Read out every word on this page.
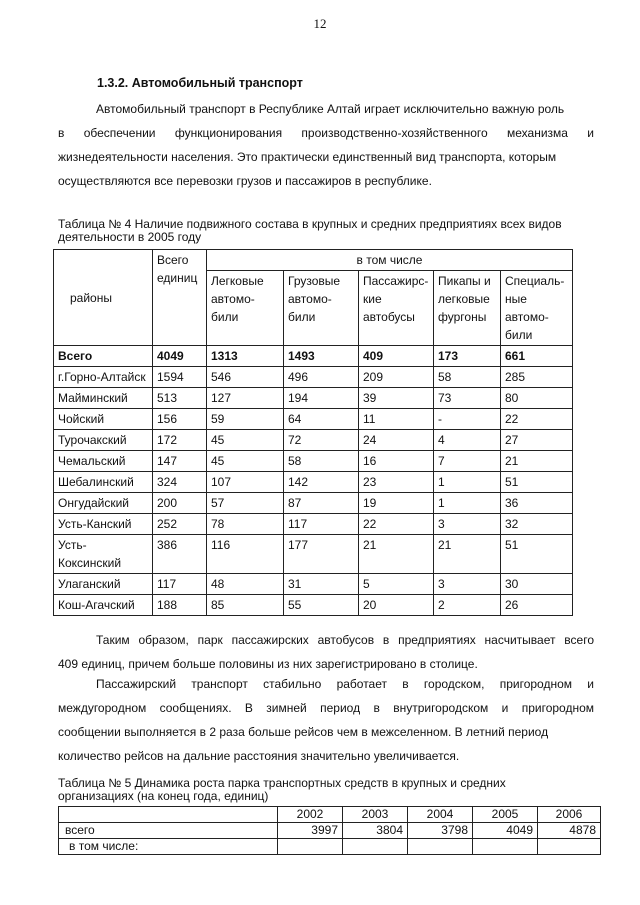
12
1.3.2. Автомобильный транспорт
Автомобильный транспорт в Республике Алтай играет исключительно важную роль
в обеспечении функционирования производственно-хозяйственного механизма и
жизнедеятельности населения. Это практически единственный вид транспорта, которым
осуществляются все перевозки грузов и пассажиров в республике.
Таблица № 4 Наличие подвижного состава в крупных и средних предприятиях всех видов
деятельности в 2005 году
районы	Всего единиц	в том числе				
		Легковые автомо- били	Грузовые автомо- били	Пассажирс- кие автобусы	Пикапы и легковые фургоны	Специаль- ные автомо- били
Всего	4049	1313	1493	409	173	661
г.Горно-Алтайск	1594	546	496	209	58	285
Майминский	513	127	194	39	73	80
Чойский	156	59	64	11	-	22
Турочакский	172	45	72	24	4	27
Чемальский	147	45	58	16	7	21
Шебалинский	324	107	142	23	1	51
Онгудайский	200	57	87	19	1	36
Усть-Канский	252	78	117	22	3	32
Усть-Коксинский	386	116	177	21	21	51
Улаганский	117	48	31	5	3	30
Кош-Агачский	188	85	55	20	2	26
Таким образом, парк пассажирских автобусов в предприятиях насчитывает всего
409 единиц, причем больше половины из них зарегистрировано в столице.
Пассажирский транспорт стабильно работает в городском, пригородном и
междугородном сообщениях. В зимней период в внутригородском и пригородном
сообщении выполняется в 2 раза больше рейсов чем в межселенном. В летний период
количество рейсов на дальние расстояния значительно увеличивается.
Таблица № 5 Динамика роста парка транспортных средств в крупных и средних
организациях (на конец года, единиц)
	2002	2003	2004	2005	2006
всего	3997	3804	3798	4049	4878
в том числе:					
